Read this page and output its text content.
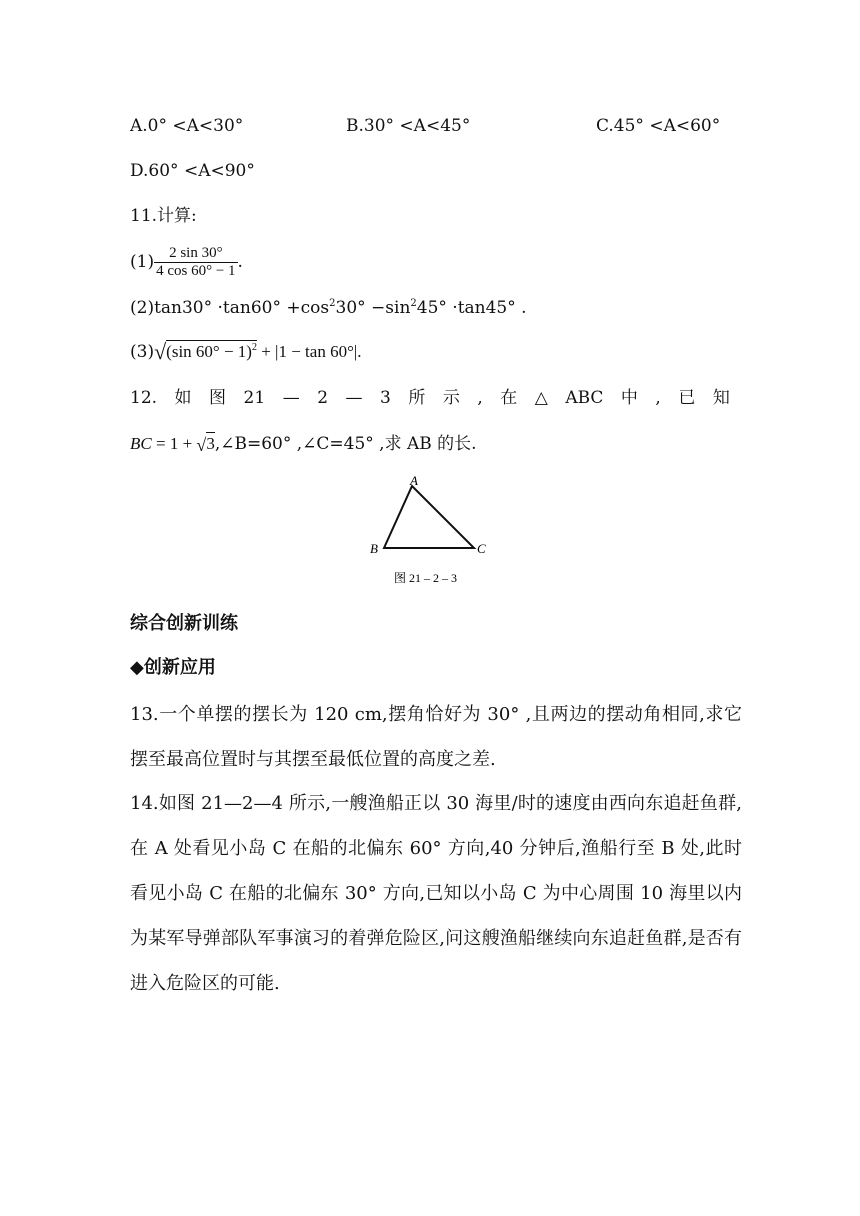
A.0° <A<30°	B.30° <A<45°	C.45° <A<60°
D.60° <A<90°
11.计算:
$(1) \frac{2 \sin 30^\circ}{4 \cos 60^\circ - 1}$ .
$(2)\tan 30^\circ \cdot\tan 60^\circ +\cos^230^\circ -\sin^245^\circ \cdot\tan 45^\circ$ .
(3)√(sin 60° − 1)$^2$ + |1 − tan 60°|.
12. 如 图 21 — 2 — 3 所 示 , 在 △ ABC 中 , 已 知
BC = 1 + √3,∠B=60° ,∠C=45° ,求 AB 的长.
A
B	C
图 21 – 2 – 3
综合创新训练
◆创新应用

13.一个单摆的摆长为 120 cm,摆角恰好为 30° ,且两边的摆动角相同,求它摆至最高位置时与其摆至最低位置的高度之差.

14.如图 21—2—4 所示,一艘渔船正以 30 海里/时的速度由西向东追赶鱼群,在 A 处看见小岛 C 在船的北偏东 60° 方向,40 分钟后,渔船行至 B 处,此时看见小岛 C 在船的北偏东 30° 方向,已知以小岛 C 为中心周围 10 海里以内为某军导弹部队军事演习的着弹危险区,问这艘渔船继续向东追赶鱼群,是否有进入危险区的可能.
